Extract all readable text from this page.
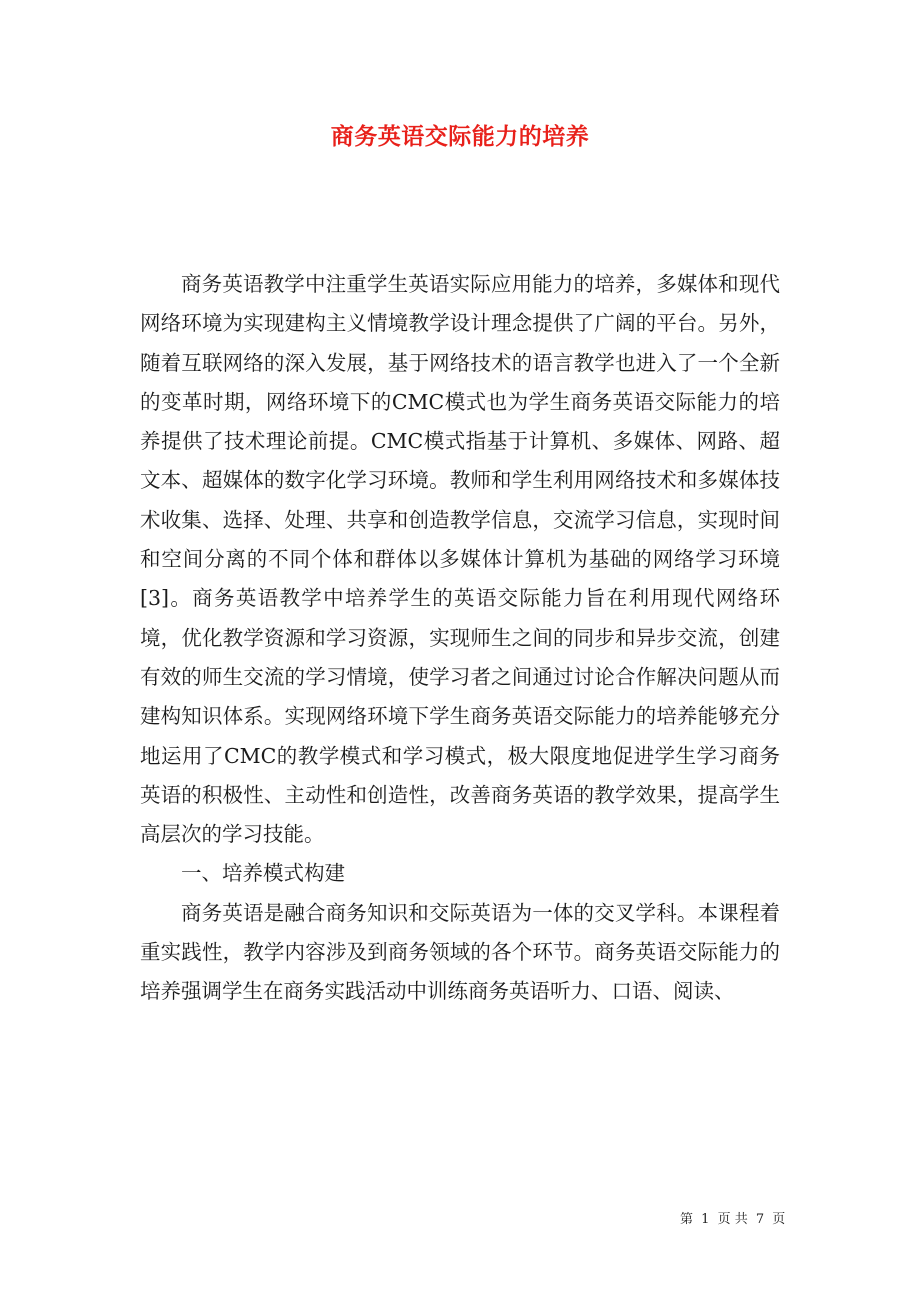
商务英语交际能力的培养

商务英语教学中注重学生英语实际应用能力的培养，多媒体和现代网络环境为实现建构主义情境教学设计理念提供了广阔的平台。另外，随着互联网络的深入发展，基于网络技术的语言教学也进入了一个全新的变革时期，网络环境下的CMC模式也为学生商务英语交际能力的培养提供了技术理论前提。CMC模式指基于计算机、多媒体、网路、超文本、超媒体的数字化学习环境。教师和学生利用网络技术和多媒体技术收集、选择、处理、共享和创造教学信息，交流学习信息，实现时间和空间分离的不同个体和群体以多媒体计算机为基础的网络学习环境[3]。商务英语教学中培养学生的英语交际能力旨在利用现代网络环境，优化教学资源和学习资源，实现师生之间的同步和异步交流，创建有效的师生交流的学习情境，使学习者之间通过讨论合作解决问题从而建构知识体系。实现网络环境下学生商务英语交际能力的培养能够充分地运用了CMC的教学模式和学习模式，极大限度地促进学生学习商务英语的积极性、主动性和创造性，改善商务英语的教学效果，提高学生高层次的学习技能。

一、培养模式构建

商务英语是融合商务知识和交际英语为一体的交叉学科。本课程着重实践性，教学内容涉及到商务领域的各个环节。商务英语交际能力的培养强调学生在商务实践活动中训练商务英语听力、口语、阅读、

第 1 页 共 7 页
